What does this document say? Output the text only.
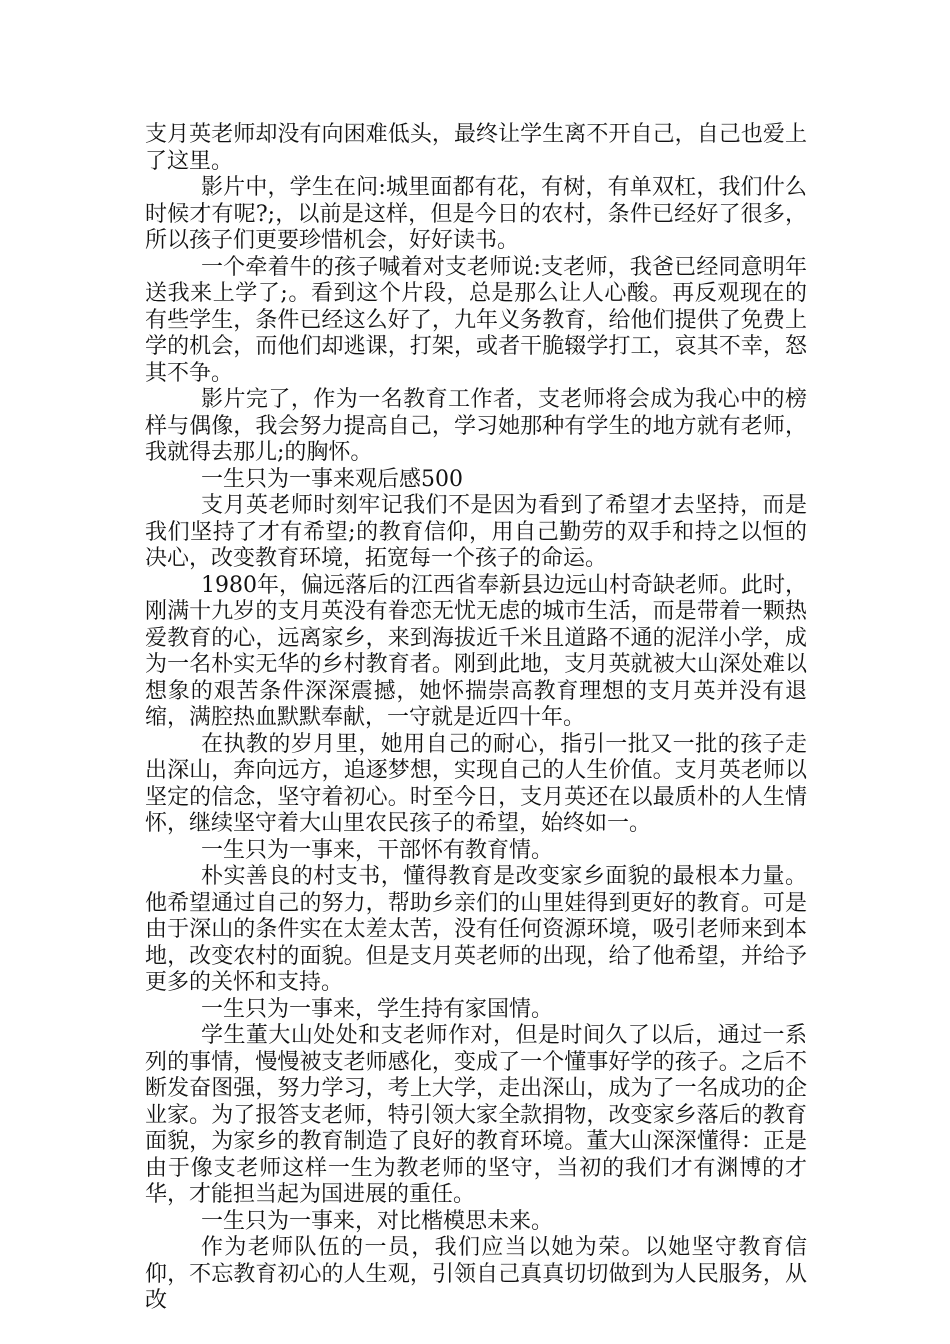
支月英老师却没有向困难低头，最终让学生离不开自己，自己也爱上了这里。

影片中，学生在问:城里面都有花，有树，有单双杠，我们什么时候才有呢?;，以前是这样，但是今日的农村，条件已经好了很多，所以孩子们更要珍惜机会，好好读书。

一个牵着牛的孩子喊着对支老师说:支老师，我爸已经同意明年送我来上学了;。看到这个片段，总是那么让人心酸。再反观现在的有些学生，条件已经这么好了，九年义务教育，给他们提供了免费上学的机会，而他们却逃课，打架，或者干脆辍学打工，哀其不幸，怒其不争。

影片完了，作为一名教育工作者，支老师将会成为我心中的榜样与偶像，我会努力提高自己，学习她那种有学生的地方就有老师，我就得去那儿;的胸怀。

一生只为一事来观后感500

支月英老师时刻牢记我们不是因为看到了希望才去坚持，而是我们坚持了才有希望;的教育信仰，用自己勤劳的双手和持之以恒的决心，改变教育环境，拓宽每一个孩子的命运。

1980年，偏远落后的江西省奉新县边远山村奇缺老师。此时，刚满十九岁的支月英没有眷恋无忧无虑的城市生活，而是带着一颗热爱教育的心，远离家乡，来到海拔近千米且道路不通的泥洋小学，成为一名朴实无华的乡村教育者。刚到此地，支月英就被大山深处难以想象的艰苦条件深深震撼，她怀揣崇高教育理想的支月英并没有退缩，满腔热血默默奉献，一守就是近四十年。

在执教的岁月里，她用自己的耐心，指引一批又一批的孩子走出深山，奔向远方，追逐梦想，实现自己的人生价值。支月英老师以坚定的信念，坚守着初心。时至今日，支月英还在以最质朴的人生情怀，继续坚守着大山里农民孩子的希望，始终如一。

一生只为一事来，干部怀有教育情。

朴实善良的村支书，懂得教育是改变家乡面貌的最根本力量。他希望通过自己的努力，帮助乡亲们的山里娃得到更好的教育。可是由于深山的条件实在太差太苦，没有任何资源环境，吸引老师来到本地，改变农村的面貌。但是支月英老师的出现，给了他希望，并给予更多的关怀和支持。

一生只为一事来，学生持有家国情。

学生董大山处处和支老师作对，但是时间久了以后，通过一系列的事情，慢慢被支老师感化，变成了一个懂事好学的孩子。之后不断发奋图强，努力学习，考上大学，走出深山，成为了一名成功的企业家。为了报答支老师，特引领大家全款捐物，改变家乡落后的教育面貌，为家乡的教育制造了良好的教育环境。董大山深深懂得：正是由于像支老师这样一生为教老师的坚守，当初的我们才有渊博的才华，才能担当起为国进展的重任。

一生只为一事来，对比楷模思未来。

作为老师队伍的一员，我们应当以她为荣。以她坚守教育信仰，不忘教育初心的人生观，引领自己真真切切做到为人民服务，从改
